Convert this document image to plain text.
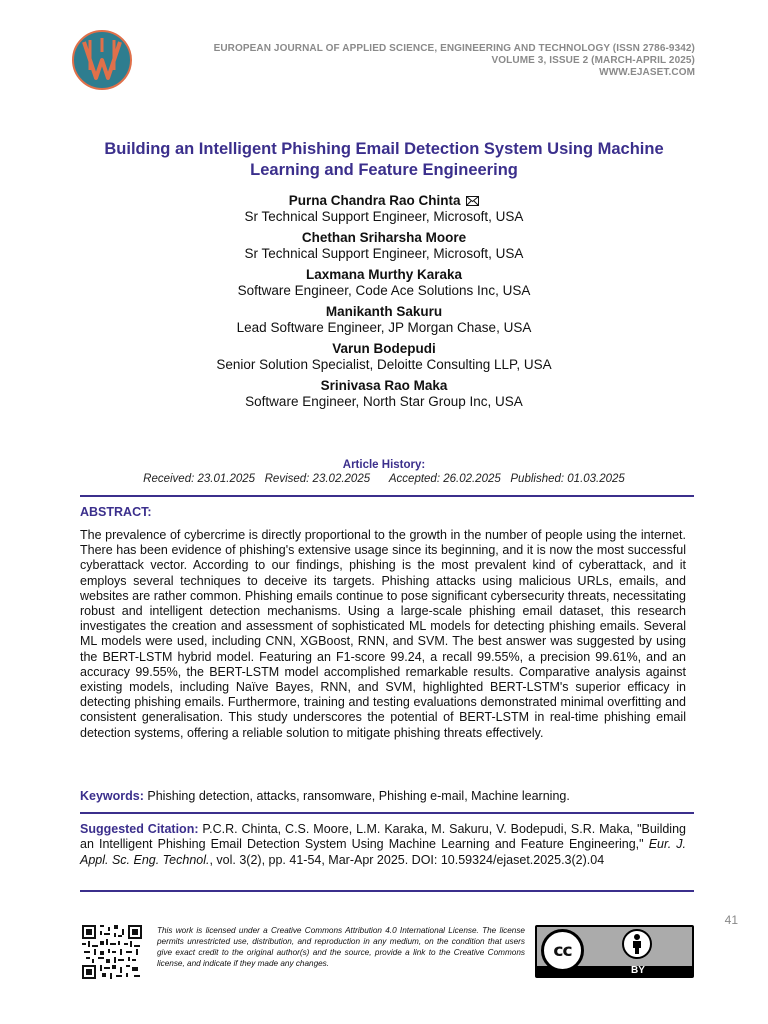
EUROPEAN JOURNAL OF APPLIED SCIENCE, ENGINEERING AND TECHNOLOGY (ISSN 2786-9342)
VOLUME 3, ISSUE 2 (MARCH-APRIL 2025)
WWW.EJASET.COM
Building an Intelligent Phishing Email Detection System Using Machine
Learning and Feature Engineering
Purna Chandra Rao Chinta
Sr Technical Support Engineer, Microsoft, USA
Chethan Sriharsha Moore
Sr Technical Support Engineer, Microsoft, USA
Laxmana Murthy Karaka
Software Engineer, Code Ace Solutions Inc, USA
Manikanth Sakuru
Lead Software Engineer, JP Morgan Chase, USA
Varun Bodepudi
Senior Solution Specialist, Deloitte Consulting LLP, USA
Srinivasa Rao Maka
Software Engineer, North Star Group Inc, USA
Article History:
Received: 23.01.2025 Revised: 23.02.2025 Accepted: 26.02.2025 Published: 01.03.2025
ABSTRACT:
The prevalence of cybercrime is directly proportional to the growth in the number of people using the internet. There has been evidence of phishing's extensive usage since its beginning, and it is now the most successful cyberattack vector. According to our findings, phishing is the most prevalent kind of cyberattack, and it employs several techniques to deceive its targets. Phishing attacks using malicious URLs, emails, and websites are rather common. Phishing emails continue to pose significant cybersecurity threats, necessitating robust and intelligent detection mechanisms. Using a large-scale phishing email dataset, this research investigates the creation and assessment of sophisticated ML models for detecting phishing emails. Several ML models were used, including CNN, XGBoost, RNN, and SVM. The best answer was suggested by using the BERT-LSTM hybrid model. Featuring an F1-score 99.24, a recall 99.55%, a precision 99.61%, and an accuracy 99.55%, the BERT-LSTM model accomplished remarkable results. Comparative analysis against existing models, including Naïve Bayes, RNN, and SVM, highlighted BERT-LSTM's superior efficacy in detecting phishing emails. Furthermore, training and testing evaluations demonstrated minimal overfitting and consistent generalisation. This study underscores the potential of BERT-LSTM in real-time phishing email detection systems, offering a reliable solution to mitigate phishing threats effectively.
Keywords: Phishing detection, attacks, ransomware, Phishing e-mail, Machine learning.
Suggested Citation: P.C.R. Chinta, C.S. Moore, L.M. Karaka, M. Sakuru, V. Bodepudi, S.R. Maka, "Building an Intelligent Phishing Email Detection System Using Machine Learning and Feature Engineering," Eur. J. Appl. Sc. Eng. Technol., vol. 3(2), pp. 41-54, Mar-Apr 2025. DOI: 10.59324/ejaset.2025.3(2).04
41
This work is licensed under a Creative Commons Attribution 4.0 International License. The license permits unrestricted use, distribution, and reproduction in any medium, on the condition that users give exact credit to the original author(s) and the source, provide a link to the Creative Commons license, and indicate if they made any changes.
cc
BY
